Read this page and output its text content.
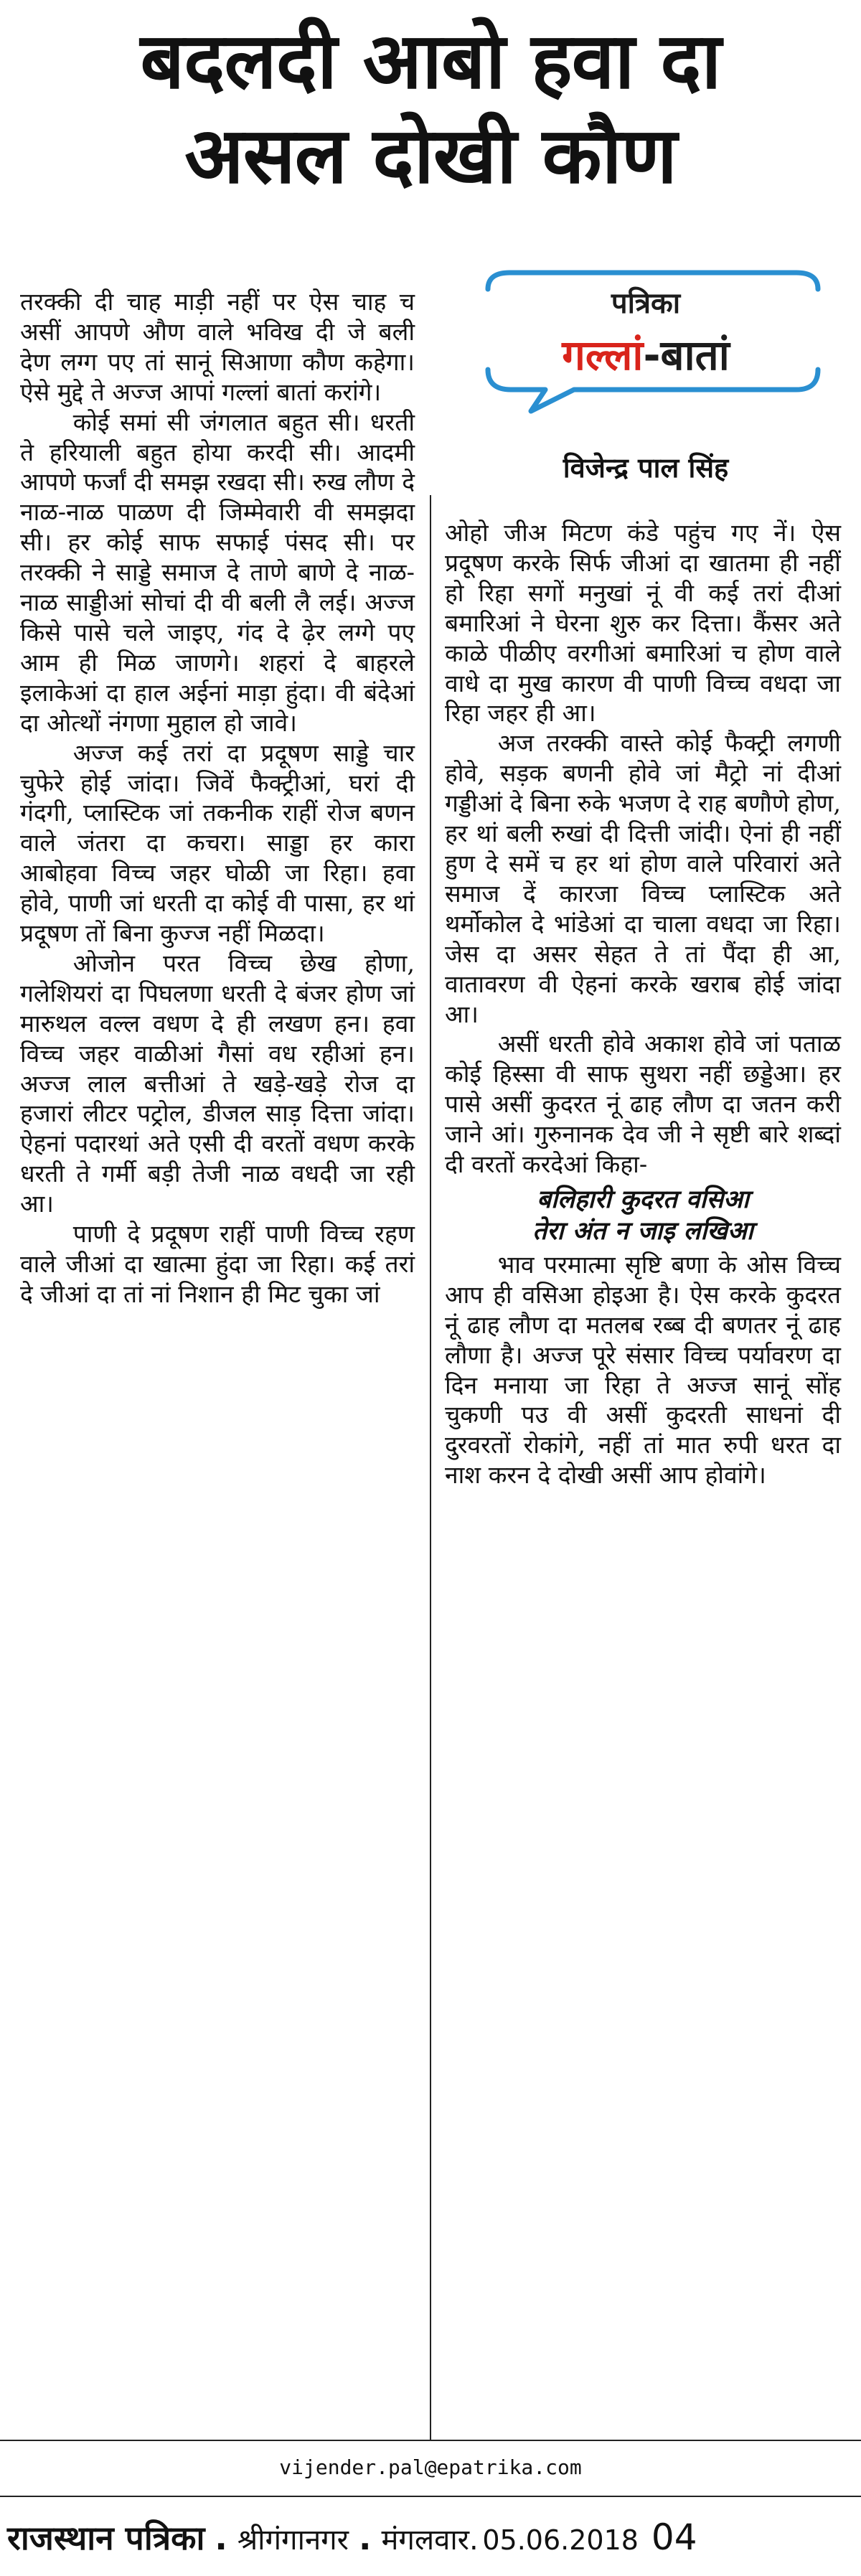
बदलदी आबो हवा दा
असल दोखी कौण
पत्रिका
गल्लां-बातां
विजेन्द्र पाल सिंह

तरक्की दी चाह माड़ी नहीं पर ऐस चाह च असीं आपणे औण वाले भविख दी जे बली देण लग्ग पए तां सानूं सिआणा कौण कहेगा। ऐसे मुद्दे ते अज्ज आपां गल्लां बातां करांगे।

कोई समां सी जंगलात बहुत सी। धरती ते हरियाली बहुत होया करदी सी। आदमी आपणे फर्जां दी समझ रखदा सी। रुख लौण दे नाळ-नाळ पाळण दी जिम्मेवारी वी समझदा सी। हर कोई साफ सफाई पंसद सी। पर तरक्की ने साड्डे समाज दे ताणे बाणे दे नाळ-नाळ साड्डीआं सोचां दी वी बली लै लई। अज्ज किसे पासे चले जाइए, गंद दे ढ़ेर लग्गे पए आम ही मिळ जाणगे। शहरां दे बाहरले इलाकेआं दा हाल अईनां माड़ा हुंदा। वी बंदेआं दा ओत्थों नंगणा मुहाल हो जावे।

अज्ज कई तरां दा प्रदूषण साड्डे चार चुफेरे होई जांदा। जिवें फैक्ट्रीआं, घरां दी गंदगी, प्लास्टिक जां तकनीक राहीं रोज बणन वाले जंतरा दा कचरा। साड्डा हर कारा आबोहवा विच्च जहर घोळी जा रिहा। हवा होवे, पाणी जां धरती दा कोई वी पासा, हर थां प्रदूषण तों बिना कुज्ज नहीं मिळदा।

ओजोन परत विच्च छेख होणा, गलेशियरां दा पिघलणा धरती दे बंजर होण जां मारुथल वल्ल वधण दे ही लखण हन। हवा विच्च जहर वाळीआं गैसां वध रहीआं हन। अज्ज लाल बत्तीआं ते खड़े-खड़े रोज दा हजारां लीटर पट्रोल, डीजल साड़ दित्ता जांदा। ऐहनां पदारथां अते एसी दी वरतों वधण करके धरती ते गर्मी बड़ी तेजी नाळ वधदी जा रही आ।

पाणी दे प्रदूषण राहीं पाणी विच्च रहण वाले जीआं दा खात्मा हुंदा जा रिहा। कई तरां दे जीआं दा तां नां निशान ही मिट चुका जां

ओहो जीअ मिटण कंडे पहुंच गए नें। ऐस प्रदूषण करके सिर्फ जीआं दा खातमा ही नहीं हो रिहा सगों मनुखां नूं वी कई तरां दीआं बमारिआं ने घेरना शुरु कर दित्ता। कैंसर अते काळे पीळीए वरगीआं बमारिआं च होण वाले वाधे दा मुख कारण वी पाणी विच्च वधदा जा रिहा जहर ही आ।

अज तरक्की वास्ते कोई फैक्ट्री लगणी होवे, सड़क बणनी होवे जां मैट्रो नां दीआं गड्डीआं दे बिना रुके भजण दे राह बणौणे होण, हर थां बली रुखां दी दित्ती जांदी। ऐनां ही नहीं हुण दे समें च हर थां होण वाले परिवारां अते समाज दें कारजा विच्च प्लास्टिक अते थर्मोकोल दे भांडेआं दा चाला वधदा जा रिहा। जेस दा असर सेहत ते तां पैंदा ही आ, वातावरण वी ऐहनां करके खराब होई जांदा आ।

असीं धरती होवे अकाश होवे जां पताळ कोई हिस्सा वी साफ सुथरा नहीं छड्डेआ। हर पासे असीं कुदरत नूं ढाह लौण दा जतन करी जाने आं। गुरुनानक देव जी ने सृष्टी बारे शब्दां दी वरतों करदेआं किहा-

बलिहारी कुदरत वसिआ
तेरा अंत न जाइ लखिआ

भाव परमात्मा सृष्टि बणा के ओस विच्च आप ही वसिआ होइआ है। ऐस करके कुदरत नूं ढाह लौण दा मतलब रब्ब दी बणतर नूं ढाह लौणा है। अज्ज पूरे संसार विच्च पर्यावरण दा दिन मनाया जा रिहा ते अज्ज सानूं सोंह चुकणी पउ वी असीं कुदरती साधनां दी दुरवरतों रोकांगे, नहीं तां मात रुपी धरत दा नाश करन दे दोखी असीं आप होवांगे।

vijender.pal@epatrika.com
राजस्थान पत्रिका . श्रीगंगानगर . मंगलवार. 05.06.2018 04
